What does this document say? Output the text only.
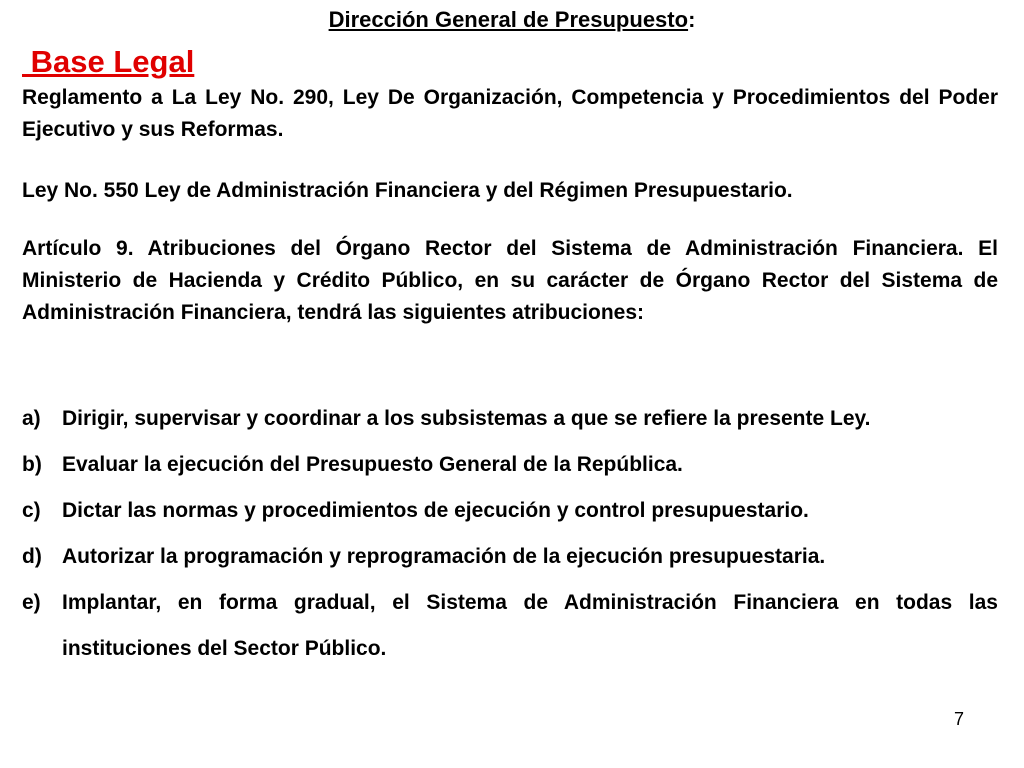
Dirección General de Presupuesto:
Base Legal

Reglamento a La Ley No. 290, Ley De Organización, Competencia y Procedimientos del Poder Ejecutivo y sus Reformas.

Ley No. 550 Ley de Administración Financiera y del Régimen Presupuestario.

Artículo 9. Atribuciones del Órgano Rector del Sistema de Administración Financiera. El Ministerio de Hacienda y Crédito Público, en su carácter de Órgano Rector del Sistema de Administración Financiera, tendrá las siguientes atribuciones:

a)	Dirigir, supervisar y coordinar a los subsistemas a que se refiere la presente Ley.
b) Evaluar la ejecución del Presupuesto General de la República.
c)	Dictar las normas y procedimientos de ejecución y control presupuestario.
d) Autorizar la programación y reprogramación de la ejecución presupuestaria.
e)	Implantar, en forma gradual, el Sistema de Administración Financiera en todas las instituciones del Sector Público.
7
